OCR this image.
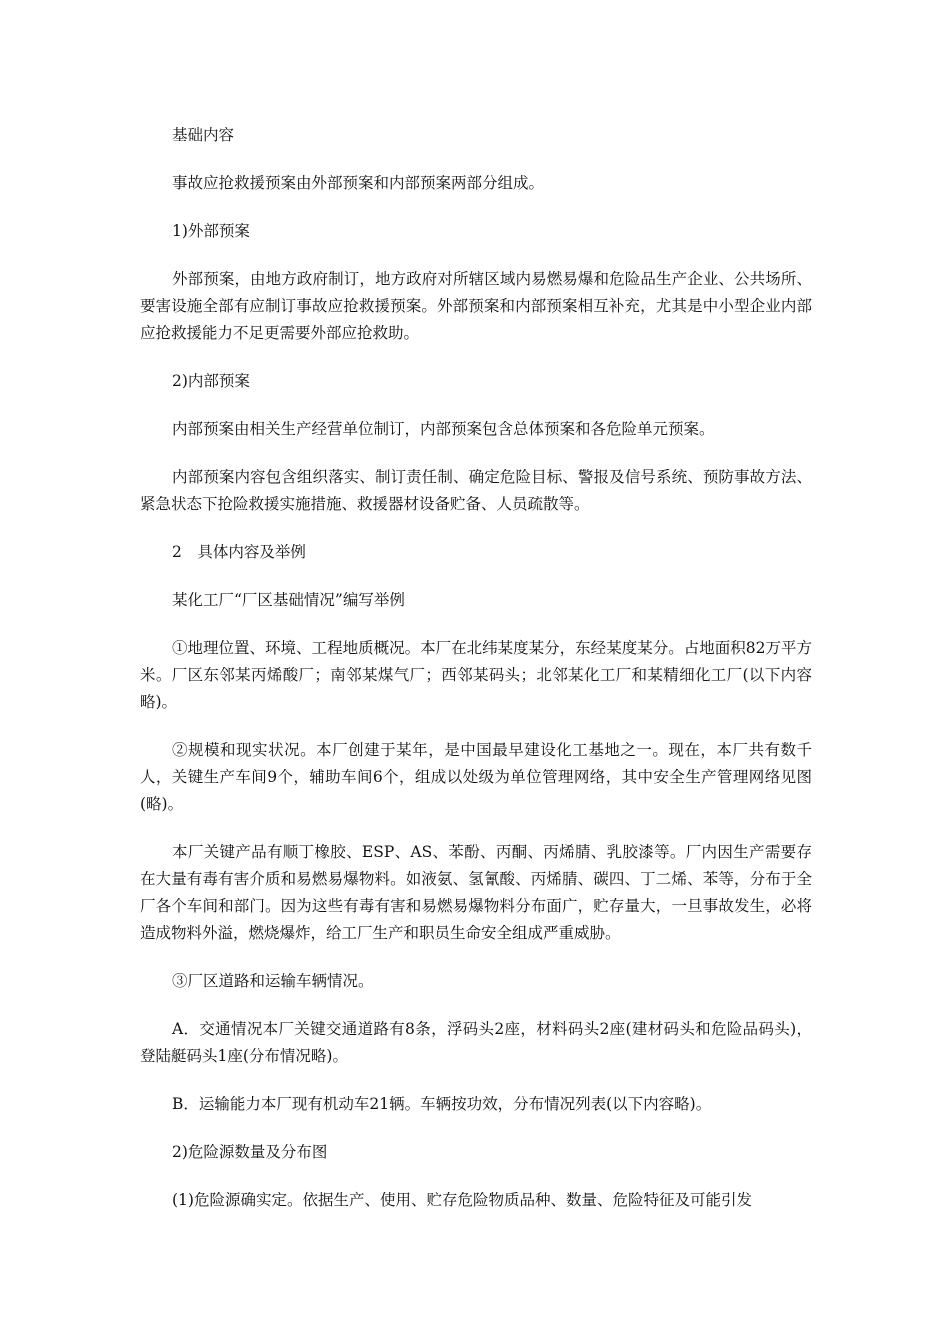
基础内容

事故应抢救援预案由外部预案和内部预案两部分组成。

1)外部预案

外部预案，由地方政府制订，地方政府对所辖区域内易燃易爆和危险品生产企业、公共场所、要害设施全部有应制订事故应抢救援预案。外部预案和内部预案相互补充，尤其是中小型企业内部应抢救援能力不足更需要外部应抢救助。

2)内部预案

内部预案由相关生产经营单位制订，内部预案包含总体预案和各危险单元预案。

内部预案内容包含组织落实、制订责任制、确定危险目标、警报及信号系统、预防事故方法、紧急状态下抢险救援实施措施、救援器材设备贮备、人员疏散等。

2　具体内容及举例

某化工厂“厂区基础情况”编写举例

①地理位置、环境、工程地质概况。本厂在北纬某度某分，东经某度某分。占地面积82万平方米。厂区东邻某丙烯酸厂；南邻某煤气厂；西邻某码头；北邻某化工厂和某精细化工厂(以下内容略)。

②规模和现实状况。本厂创建于某年，是中国最早建设化工基地之一。现在，本厂共有数千人，关键生产车间9个，辅助车间6个，组成以处级为单位管理网络，其中安全生产管理网络见图(略)。

本厂关键产品有顺丁橡胶、ESP、AS、苯酚、丙酮、丙烯腈、乳胶漆等。厂内因生产需要存在大量有毒有害介质和易燃易爆物料。如液氨、氢氰酸、丙烯腈、碳四、丁二烯、苯等，分布于全厂各个车间和部门。因为这些有毒有害和易燃易爆物料分布面广，贮存量大，一旦事故发生，必将造成物料外溢，燃烧爆炸，给工厂生产和职员生命安全组成严重威胁。

③厂区道路和运输车辆情况。

A．交通情况本厂关键交通道路有8条，浮码头2座，材料码头2座(建材码头和危险品码头)，登陆艇码头1座(分布情况略)。

B．运输能力本厂现有机动车21辆。车辆按功效，分布情况列表(以下内容略)。

2)危险源数量及分布图

(1)危险源确实定。依据生产、使用、贮存危险物质品种、数量、危险特征及可能引发
